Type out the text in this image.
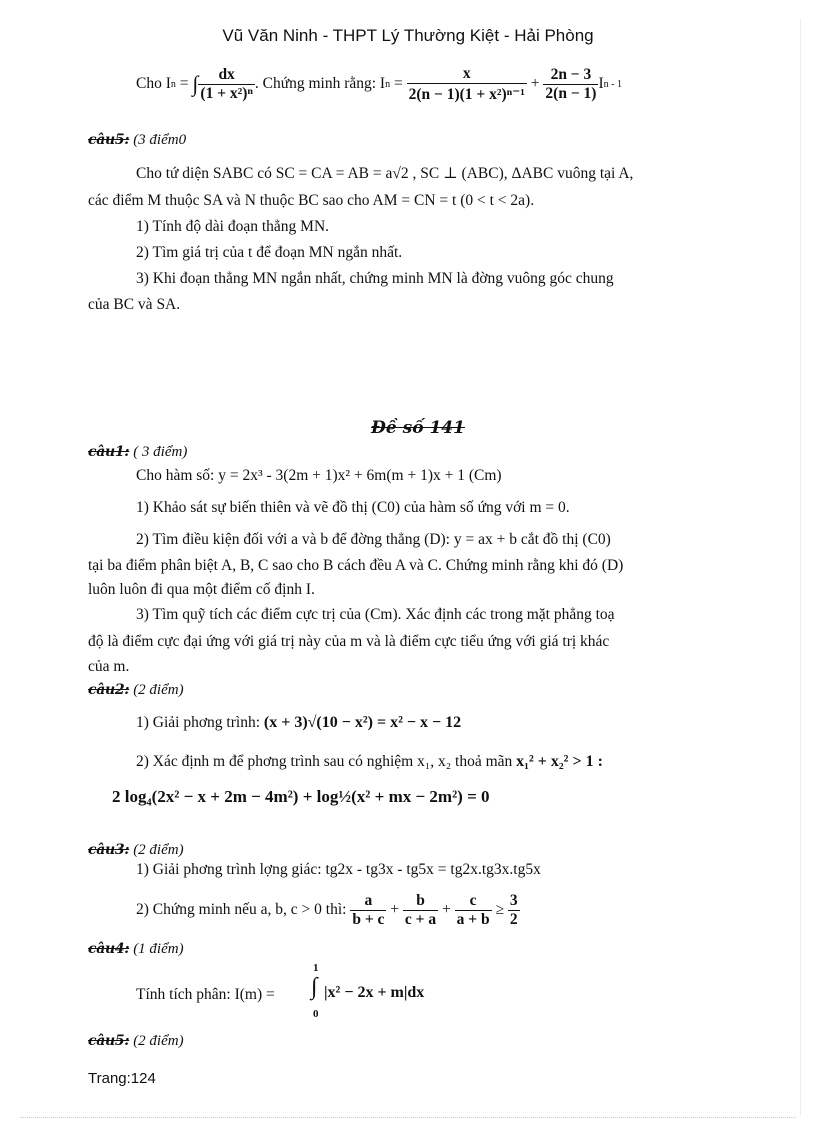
Vũ Văn Ninh - THPT Lý Thường Kiệt - Hải Phòng
Cho I n = ∫ $\frac{dx}{\text{(1 + x²)ⁿ}}$ . Chứng minh rằng: I $n = \frac{x}{\text{2(n − 1)(1 + x²)ⁿ⁻¹}} + \frac{2n - 3}{2(n - 1)}$ I n - 1
câu5: (3 điểm0
Cho tứ diện SABC có SC = CA = AB = a√2 , SC ⊥ (ABC), ΔABC vuông tại A,
các điểm M thuộc SA và N thuộc BC sao cho AM = CN = t (0 < t < 2a).
1) Tính độ dài đoạn thẳng MN.
2) Tìm giá trị của t để đoạn MN ngắn nhất.
3) Khi đoạn thẳng MN ngắn nhất, chứng minh MN là đờng vuông góc chung
của BC và SA.
Đề số 141
câu1: ( 3 điểm)
Cho hàm số: y = 2x³ - 3(2m + 1)x² + 6m(m + 1)x + 1 (Cm)
1) Khảo sát sự biến thiên và vẽ đồ thị (C0) của hàm số ứng với m = 0.
2) Tìm điều kiện đối với a và b để đờng thẳng (D): y = ax + b cắt đồ thị (C0)
tại ba điểm phân biệt A, B, C sao cho B cách đều A và C. Chứng minh rằng khi đó (D)
luôn luôn đi qua một điểm cố định I.
3) Tìm quỹ tích các điểm cực trị của (Cm). Xác định các trong mặt phẳng toạ
độ là điểm cực đại ứng với giá trị này của m và là điểm cực tiểu ứng với giá trị khác
của m.
câu2: (2 điểm)
1) Giải phơng trình: (x + 3)√(10 − x²) = x² − x − 12
2) Xác định m để phơng trình sau có nghiệm x₁, x₂ thoả mãn x₁² + x₂² > 1 :
2 log₄(2x² − x + 2m − 4m²) + log½(x² + mx − 2m²) = 0
câu3: (2 điểm)
1) Giải phơng trình lợng giác: tg2x - tg3x - tg5x = tg2x.tg3x.tg5x
2) Chứng minh nếu a, b, c > 0 thì:
$\frac{a}{b + c} + \frac{b}{c + a} + \frac{c}{a + b} \ge \frac{3}{2}$
câu4: (1 điểm)
Tính tích phân: I(m) =
1
∫
0
|x² − 2x + m|dx
câu5: (2 điểm)
Trang:124
